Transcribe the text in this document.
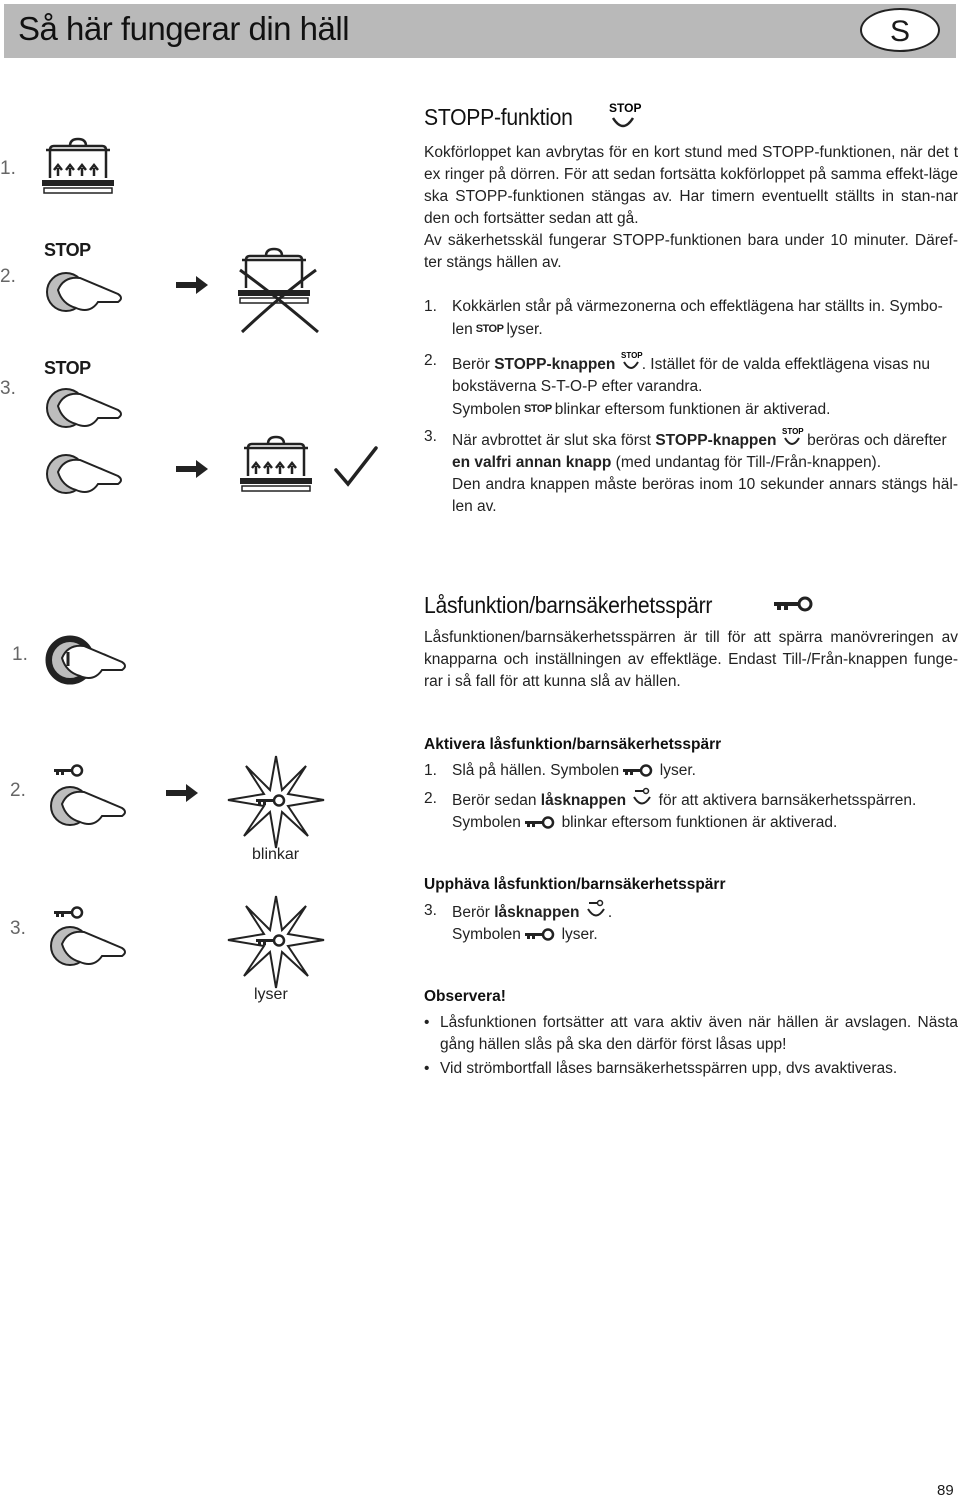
Så här fungerar din häll	S
1.
2.
STOP
3.
STOP
STOPP-funktion	STOP
Kokförloppet kan avbrytas för en kort stund med STOPP-funktionen, när det t ex ringer på dörren. För att sedan fortsätta kokförloppet på samma effekt-läge ska STOPP-funktionen stängas av. Har timern eventuellt ställts in stan-nar den och fortsätter sedan att gå.
Av säkerhetsskäl fungerar STOPP-funktionen bara under 10 minuter. Däref-ter stängs hällen av.
1. Kokkärlen står på värmezonerna och effektlägena har ställts in. Symbo-
len STOP lyser.
2. Berör STOPP-knappen
STOP
. Istället för de valda effektlägena visas nu
bokstäverna S-T-O-P efter varandra.
Symbolen STOP blinkar eftersom funktionen är aktiverad.
3. När avbrottet är slut ska först STOPP-knappen
STOP
beröras och därefter
en valfri annan knapp (med undantag för Till-/Från-knappen).
Den andra knappen måste beröras inom 10 sekunder annars stängs häl-len av.
1.
2.
blinkar
3.
lyser
Låsfunktion/barnsäkerhetsspärr
Låsfunktionen/barnsäkerhetsspärren är till för att spärra manövreringen av knapparna och inställningen av effektläge. Endast Till-/Från-knappen funge-rar i så fall för att kunna slå av hällen.
Aktivera låsfunktion/barnsäkerhetsspärr
1. Slå på hällen. Symbolen	lyser.
2. Berör sedan låsknappen för att aktivera barnsäkerhetsspärren.
Symbolen	blinkar eftersom funktionen är aktiverad.
Upphäva låsfunktion/barnsäkerhetsspärr
3. Berör låsknappen .
Symbolen	lyser.
Observera!
• Låsfunktionen fortsätter att vara aktiv även när hällen är avslagen. Nästa gång hällen slås på ska den därför först låsas upp!
• Vid strömbortfall låses barnsäkerhetsspärren upp, dvs avaktiveras.
89
